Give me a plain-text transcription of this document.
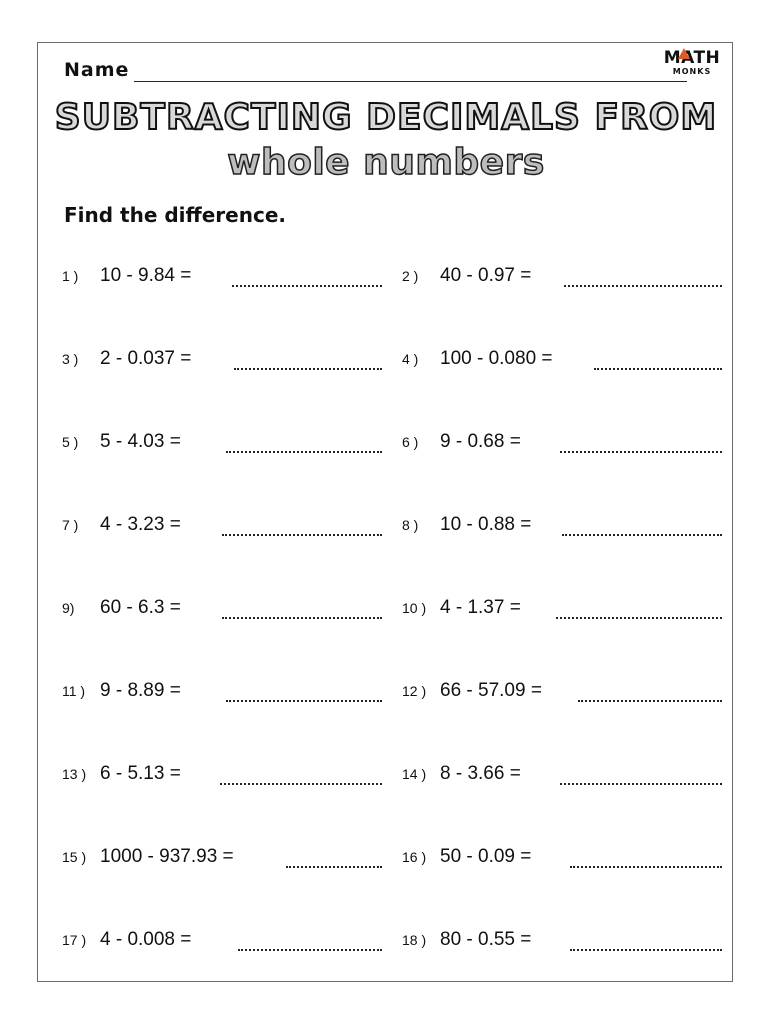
Name
MATH
MONKS
SUBTRACTING DECIMALS FROM
whole numbers
Find the difference.
1 ) 10 - 9.84 =	2 ) 40 - 0.97 =
3 ) 2 - 0.037 =	4 ) 100 - 0.080 =
5 ) 5 - 4.03 =	6 ) 9 - 0.68 =
7 ) 4 - 3.23 =	8 ) 10 - 0.88 =
9) 60 - 6.3 =	10 ) 4 - 1.37 =
11 ) 9 - 8.89 =	12 ) 66 - 57.09 =
13 ) 6 - 5.13 =	14 ) 8 - 3.66 =
15 ) 1000 - 937.93 =	16 ) 50 - 0.09 =
17 ) 4 - 0.008 =	18 ) 80 - 0.55 =
